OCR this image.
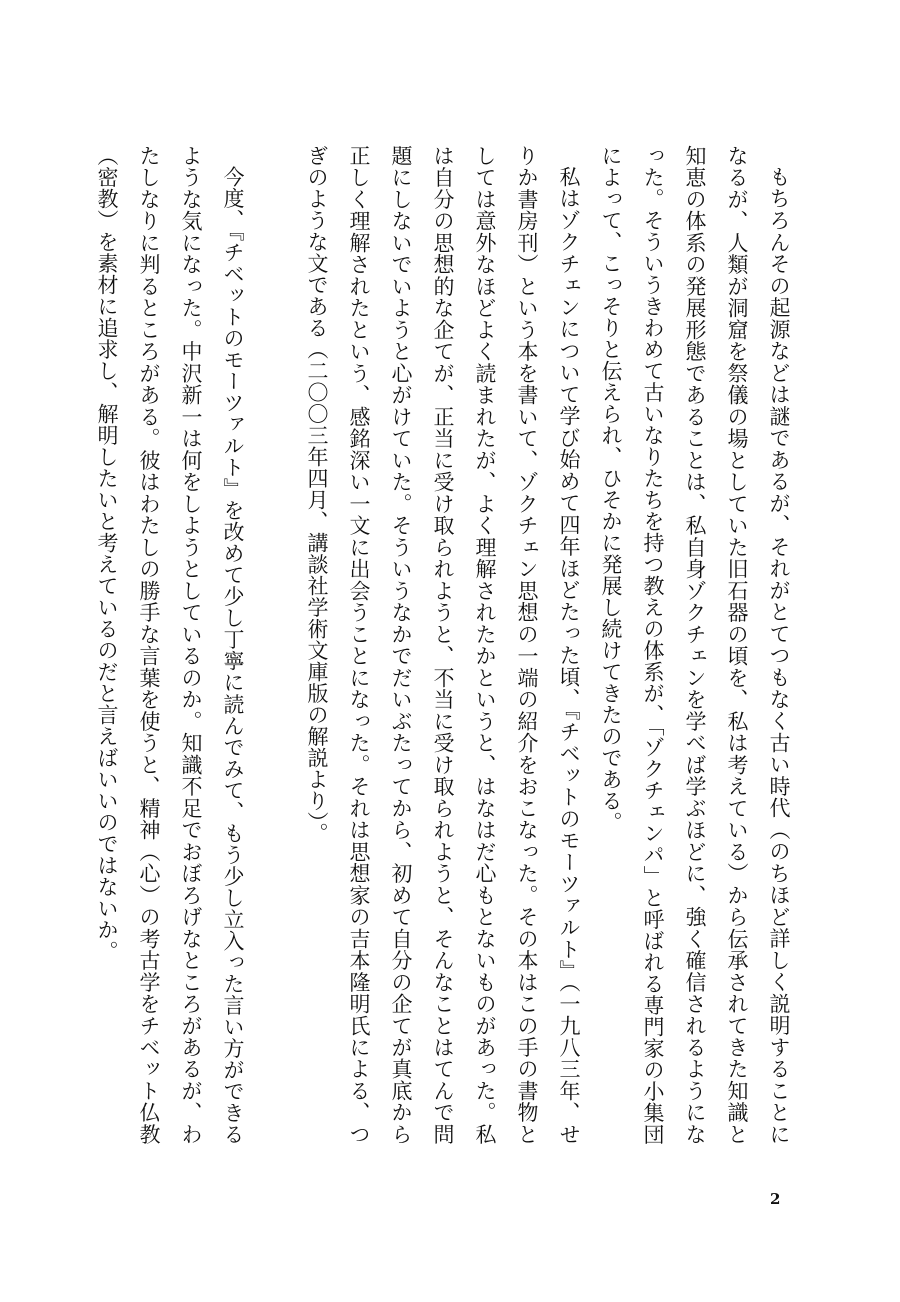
もちろんその起源などは謎であるが、それがとてつもなく古い時代（のちほど詳しく説明することになるが、人類が洞窟を祭儀の場としていた旧石器の頃を、私は考えている）から伝承されてきた知識と知恵の体系の発展形態であることは、私自身ゾクチェンを学べば学ぶほどに、強く確信されるようになった。そういうきわめて古いなりたちを持つ教えの体系が、「ゾクチェンパ」と呼ばれる専門家の小集団によって、こっそりと伝えられ、ひそかに発展し続けてきたのである。

私はゾクチェンについて学び始めて四年ほどたった頃、『チベットのモーツァルト』（一九八三年、せりか書房刊）という本を書いて、ゾクチェン思想の一端の紹介をおこなった。その本はこの手の書物としては意外なほどよく読まれたが、よく理解されたかというと、はなはだ心もとないものがあった。私は自分の思想的な企てが、正当に受け取られようと、不当に受け取られようと、そんなことはてんで問題にしないでいようと心がけていた。そういうなかでだいぶたってから、初めて自分の企てが真底から正しく理解されたという、感銘深い一文に出会うことになった。それは思想家の吉本隆明氏による、つぎのような文である（二〇〇三年四月、講談社学術文庫版の解説より）。

今度、『チベットのモーツァルト』を改めて少し丁寧に読んでみて、もう少し立入った言い方ができるような気になった。中沢新一は何をしようとしているのか。知識不足でおぼろげなところがあるが、わたしなりに判るところがある。彼はわたしの勝手な言葉を使うと、精神（心）の考古学をチベット仏教（密教）を素材に追求し、解明したいと考えているのだと言えばいいのではないか。

2
